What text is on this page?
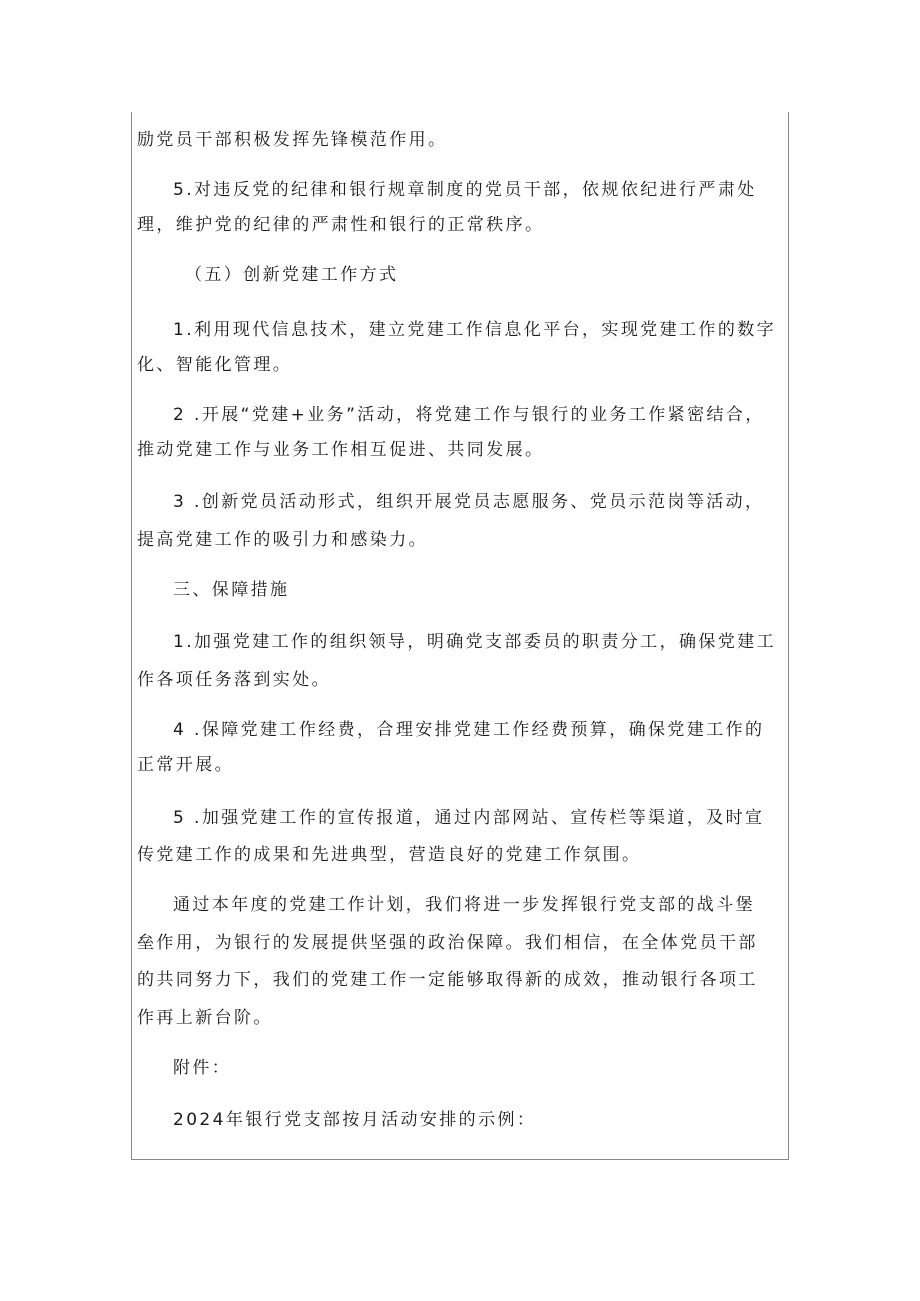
励党员干部积极发挥先锋模范作用。
5.对违反党的纪律和银行规章制度的党员干部，依规依纪进行严肃处
理，维护党的纪律的严肃性和银行的正常秩序。
（五）创新党建工作方式
1.利用现代信息技术，建立党建工作信息化平台，实现党建工作的数字
化、智能化管理。
2 .开展“党建+业务”活动，将党建工作与银行的业务工作紧密结合，
推动党建工作与业务工作相互促进、共同发展。
3 .创新党员活动形式，组织开展党员志愿服务、党员示范岗等活动，
提高党建工作的吸引力和感染力。
三、保障措施
1.加强党建工作的组织领导，明确党支部委员的职责分工，确保党建工
作各项任务落到实处。
4 .保障党建工作经费，合理安排党建工作经费预算，确保党建工作的
正常开展。
5 .加强党建工作的宣传报道，通过内部网站、宣传栏等渠道，及时宣
传党建工作的成果和先进典型，营造良好的党建工作氛围。
通过本年度的党建工作计划，我们将进一步发挥银行党支部的战斗堡
垒作用，为银行的发展提供坚强的政治保障。我们相信，在全体党员干部
的共同努力下，我们的党建工作一定能够取得新的成效，推动银行各项工
作再上新台阶。
附件：
2024年银行党支部按月活动安排的示例：
